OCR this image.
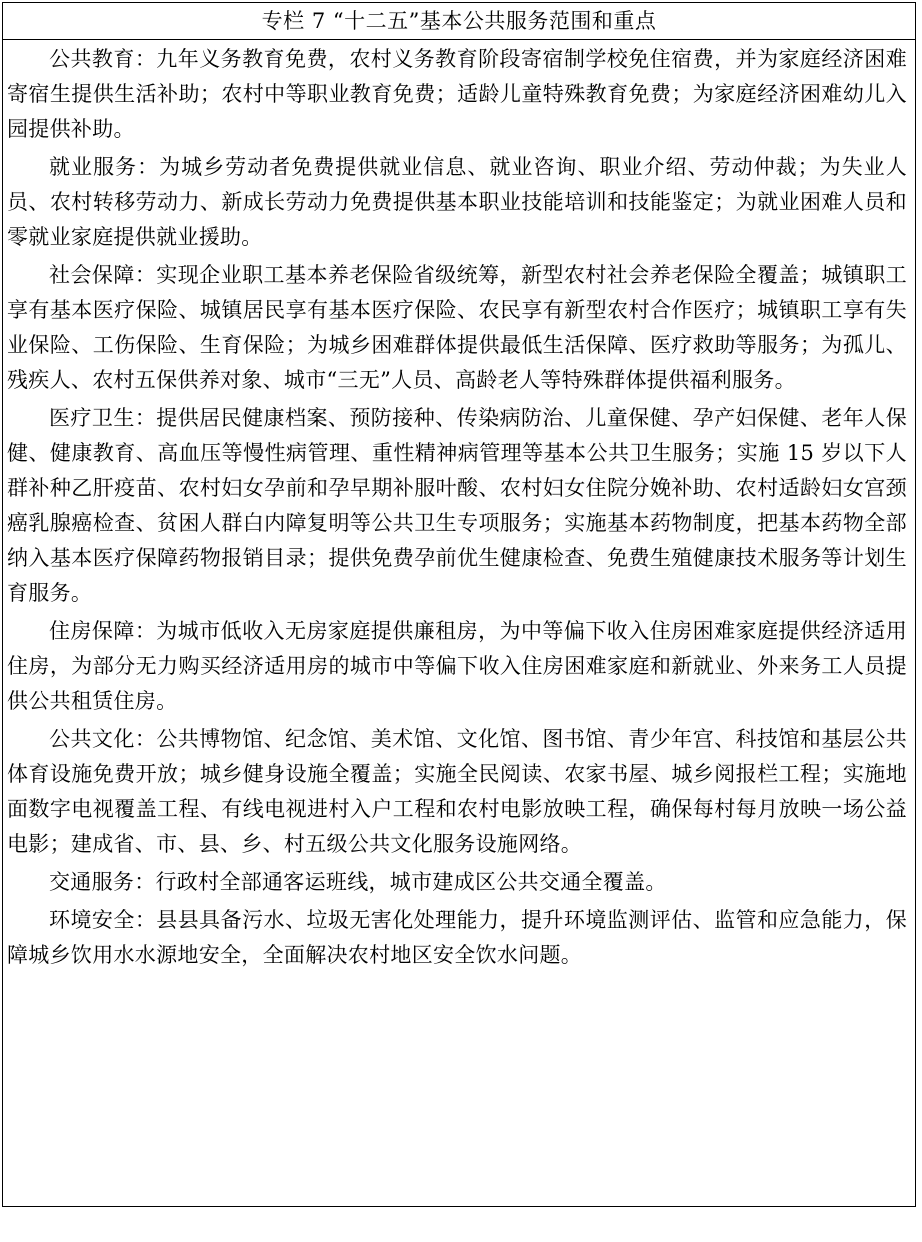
专栏 7 “十二五”基本公共服务范围和重点

公共教育：九年义务教育免费，农村义务教育阶段寄宿制学校免住宿费，并为家庭经济困难寄宿生提供生活补助；农村中等职业教育免费；适龄儿童特殊教育免费；为家庭经济困难幼儿入园提供补助。

就业服务：为城乡劳动者免费提供就业信息、就业咨询、职业介绍、劳动仲裁；为失业人员、农村转移劳动力、新成长劳动力免费提供基本职业技能培训和技能鉴定；为就业困难人员和零就业家庭提供就业援助。

社会保障：实现企业职工基本养老保险省级统筹，新型农村社会养老保险全覆盖；城镇职工享有基本医疗保险、城镇居民享有基本医疗保险、农民享有新型农村合作医疗；城镇职工享有失业保险、工伤保险、生育保险；为城乡困难群体提供最低生活保障、医疗救助等服务；为孤儿、残疾人、农村五保供养对象、城市“三无”人员、高龄老人等特殊群体提供福利服务。

医疗卫生：提供居民健康档案、预防接种、传染病防治、儿童保健、孕产妇保健、老年人保健、健康教育、高血压等慢性病管理、重性精神病管理等基本公共卫生服务；实施 15 岁以下人群补种乙肝疫苗、农村妇女孕前和孕早期补服叶酸、农村妇女住院分娩补助、农村适龄妇女宫颈癌乳腺癌检查、贫困人群白内障复明等公共卫生专项服务；实施基本药物制度，把基本药物全部纳入基本医疗保障药物报销目录；提供免费孕前优生健康检查、免费生殖健康技术服务等计划生育服务。

住房保障：为城市低收入无房家庭提供廉租房，为中等偏下收入住房困难家庭提供经济适用住房，为部分无力购买经济适用房的城市中等偏下收入住房困难家庭和新就业、外来务工人员提供公共租赁住房。

公共文化：公共博物馆、纪念馆、美术馆、文化馆、图书馆、青少年宫、科技馆和基层公共体育设施免费开放；城乡健身设施全覆盖；实施全民阅读、农家书屋、城乡阅报栏工程；实施地面数字电视覆盖工程、有线电视进村入户工程和农村电影放映工程，确保每村每月放映一场公益电影；建成省、市、县、乡、村五级公共文化服务设施网络。

交通服务：行政村全部通客运班线，城市建成区公共交通全覆盖。

环境安全：县县具备污水、垃圾无害化处理能力，提升环境监测评估、监管和应急能力，保障城乡饮用水水源地安全，全面解决农村地区安全饮水问题。
